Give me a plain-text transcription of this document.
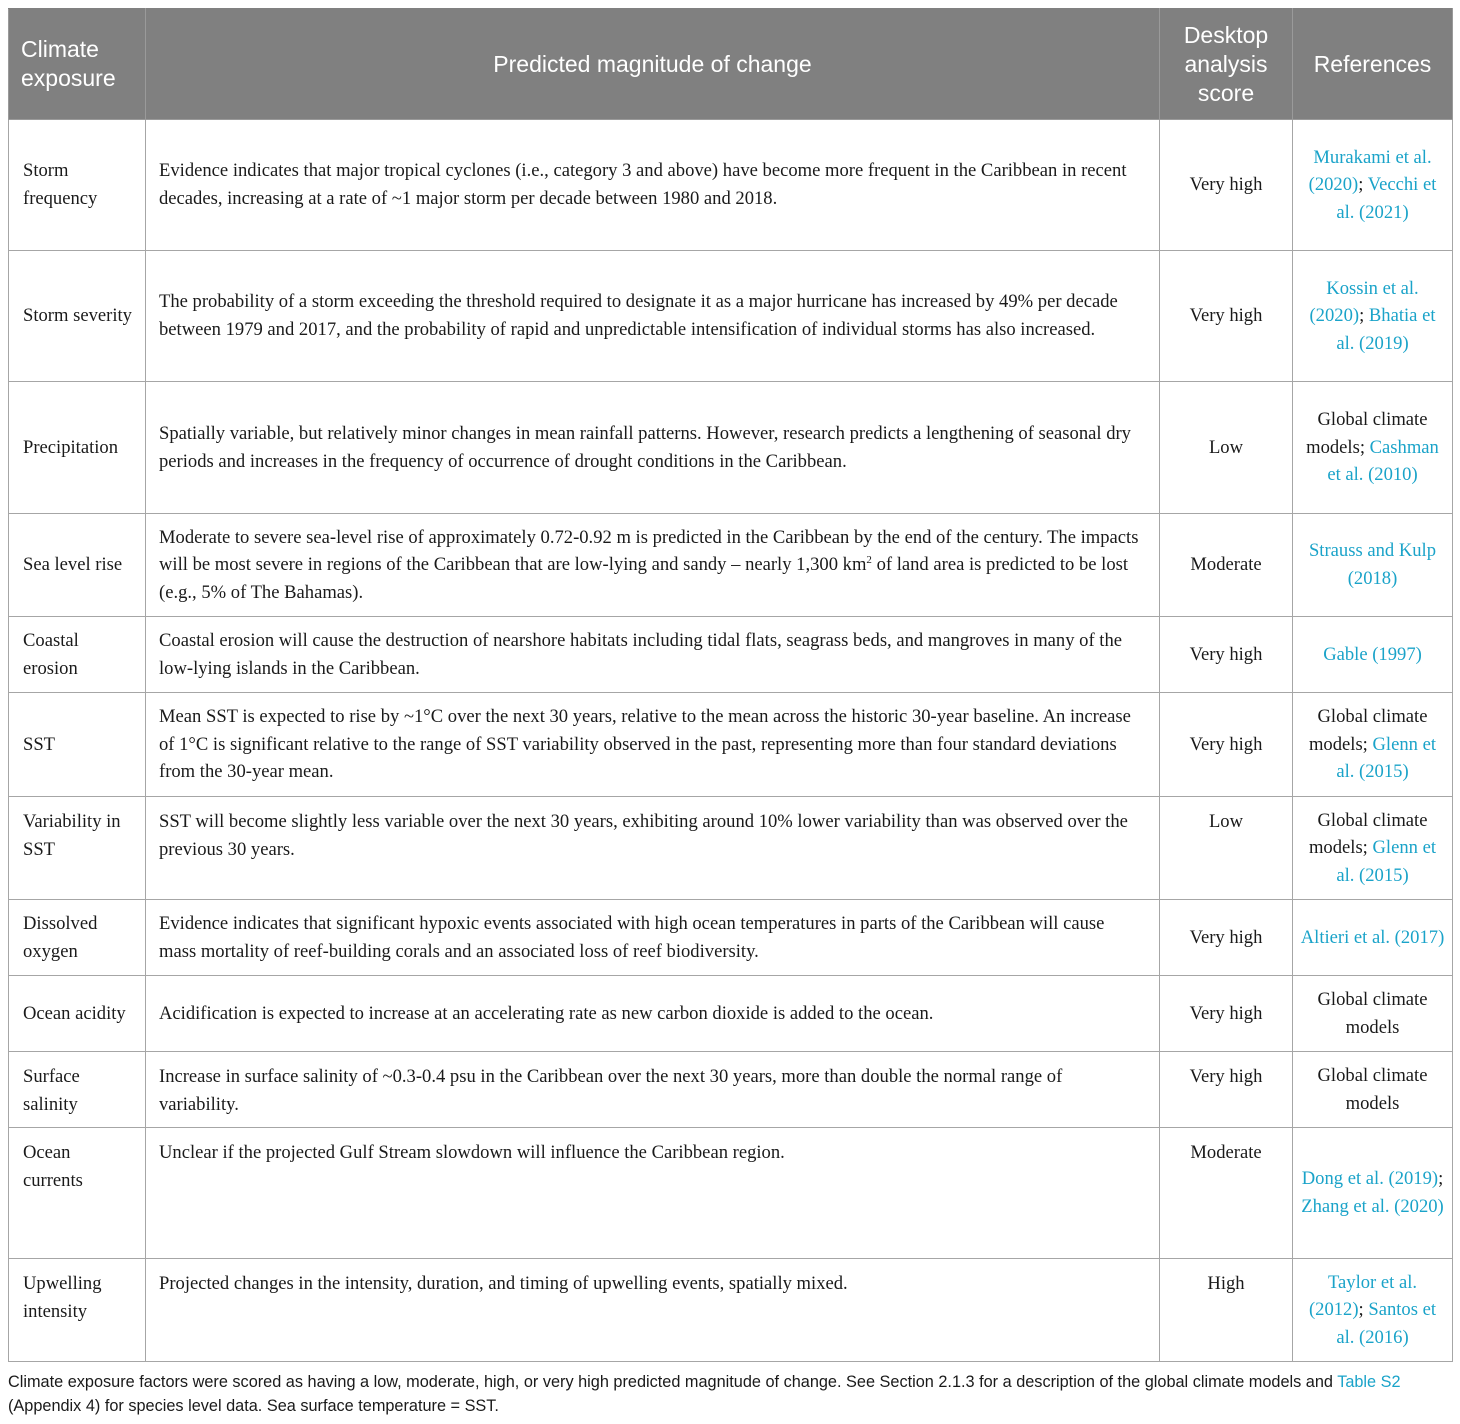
Climate exposure	Predicted magnitude of change	Desktop analysis score	References
Storm frequency	Evidence indicates that major tropical cyclones (i.e., category 3 and above) have become more frequent in the Caribbean in recent decades, increasing at a rate of ~1 major storm per decade between 1980 and 2018.	Very high	Murakami et al. (2020); Vecchi et al. (2021)
Storm severity	The probability of a storm exceeding the threshold required to designate it as a major hurricane has increased by 49% per decade between 1979 and 2017, and the probability of rapid and unpredictable intensification of individual storms has also increased.	Very high	Kossin et al. (2020); Bhatia et al. (2019)
Precipitation	Spatially variable, but relatively minor changes in mean rainfall patterns. However, research predicts a lengthening of seasonal dry periods and increases in the frequency of occurrence of drought conditions in the Caribbean.	Low	Global climate models; Cashman et al. (2010)
Sea level rise	Moderate to severe sea-level rise of approximately 0.72-0.92 m is predicted in the Caribbean by the end of the century. The impacts will be most severe in regions of the Caribbean that are low-lying and sandy – nearly 1,300 $km^2$ of land area is predicted to be lost (e.g., 5% of The Bahamas).	Moderate	Strauss and Kulp (2018)
Coastal erosion	Coastal erosion will cause the destruction of nearshore habitats including tidal flats, seagrass beds, and mangroves in many of the low-lying islands in the Caribbean.	Very high	Gable (1997)
SST	Mean SST is expected to rise by ~1°C over the next 30 years, relative to the mean across the historic 30-year baseline. An increase of 1°C is significant relative to the range of SST variability observed in the past, representing more than four standard deviations from the 30-year mean.	Very high	Global climate models; Glenn et al. (2015)
Variability in SST	SST will become slightly less variable over the next 30 years, exhibiting around 10% lower variability than was observed over the previous 30 years.	Low	Global climate models; Glenn et al. (2015)
Dissolved oxygen	Evidence indicates that significant hypoxic events associated with high ocean temperatures in parts of the Caribbean will cause mass mortality of reef-building corals and an associated loss of reef biodiversity.	Very high	Altieri et al. (2017)
Ocean acidity	Acidification is expected to increase at an accelerating rate as new carbon dioxide is added to the ocean.	Very high	Global climate models
Surface salinity	Increase in surface salinity of ~0.3-0.4 psu in the Caribbean over the next 30 years, more than double the normal range of variability.	Very high	Global climate models
Ocean currents	Unclear if the projected Gulf Stream slowdown will influence the Caribbean region.	Moderate	Dong et al. (2019); Zhang et al. (2020)
Upwelling intensity	Projected changes in the intensity, duration, and timing of upwelling events, spatially mixed.	High	Taylor et al. (2012); Santos et al. (2016)
Climate exposure factors were scored as having a low, moderate, high, or very high predicted magnitude of change. See Section 2.1.3 for a description of the global climate models and Table S2 (Appendix 4) for species level data. Sea surface temperature = SST.
